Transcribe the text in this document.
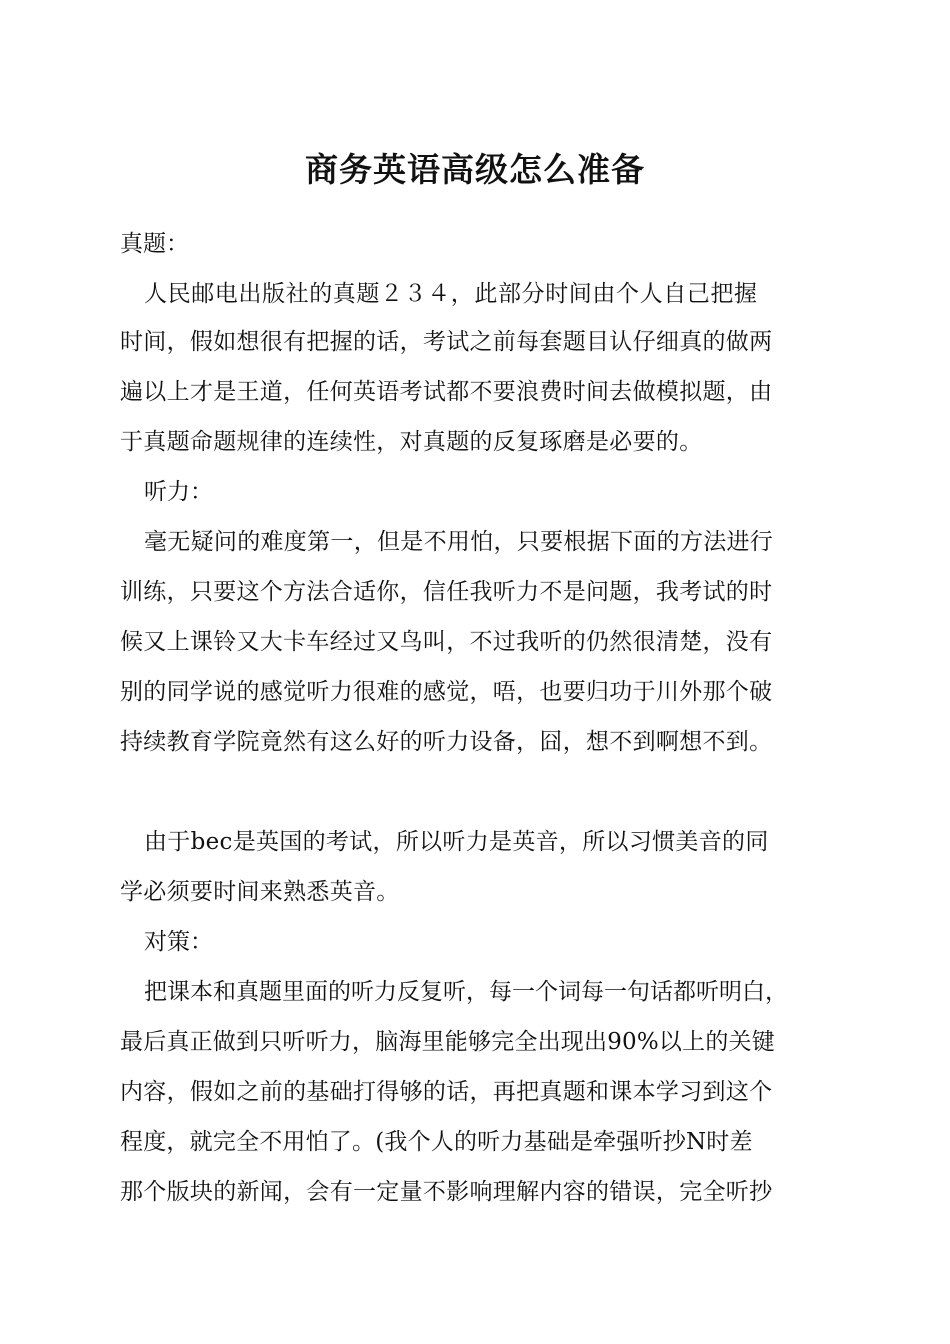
商务英语高级怎么准备

真题：

人民邮电出版社的真题２３４，此部分时间由个人自己把握

时间，假如想很有把握的话，考试之前每套题目认仔细真的做两

遍以上才是王道，任何英语考试都不要浪费时间去做模拟题，由

于真题命题规律的连续性，对真题的反复琢磨是必要的。

听力：

毫无疑问的难度第一，但是不用怕，只要根据下面的方法进行

训练，只要这个方法合适你，信任我听力不是问题，我考试的时

候又上课铃又大卡车经过又鸟叫，不过我听的仍然很清楚，没有

别的同学说的感觉听力很难的感觉，唔，也要归功于川外那个破

持续教育学院竟然有这么好的听力设备，囧，想不到啊想不到。

由于bec是英国的考试，所以听力是英音，所以习惯美音的同

学必须要时间来熟悉英音。

对策：

把课本和真题里面的听力反复听，每一个词每一句话都听明白，

最后真正做到只听听力，脑海里能够完全出现出90%以上的关键

内容，假如之前的基础打得够的话，再把真题和课本学习到这个

程度，就完全不用怕了。(我个人的听力基础是牵强听抄N时差

那个版块的新闻，会有一定量不影响理解内容的错误，完全听抄
